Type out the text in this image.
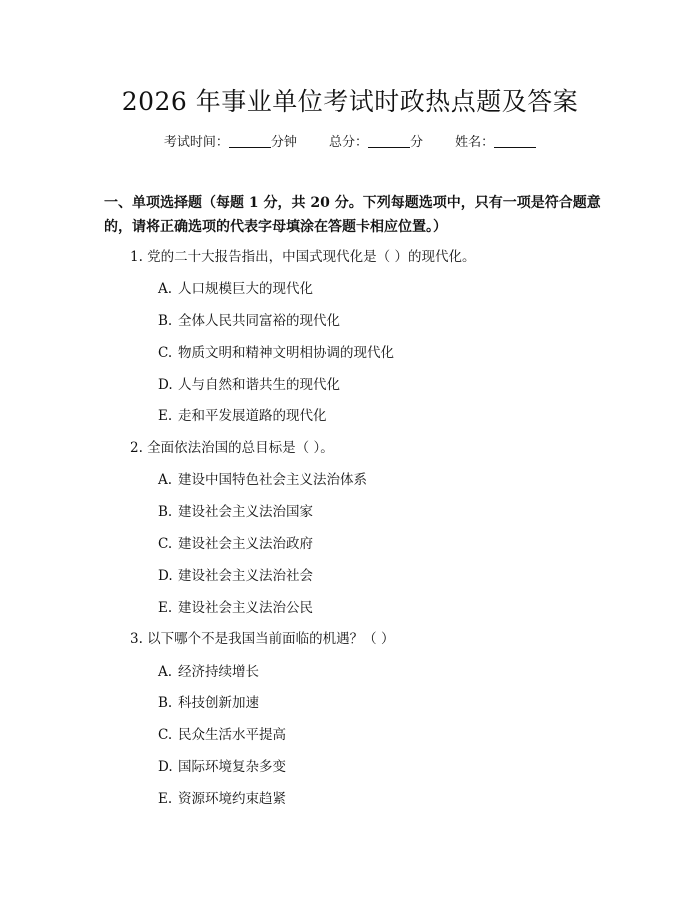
2026 年事业单位考试时政热点题及答案
考试时间：	分钟 总分：	分 姓名：
一、单项选择题（每题 1 分，共 20 分。下列每题选项中，只有一项是符合题意
的，请将正确选项的代表字母填涂在答题卡相应位置。）
1. 党的二十大报告指出，中国式现代化是（ ）的现代化。
A. 人口规模巨大的现代化
B. 全体人民共同富裕的现代化
C. 物质文明和精神文明相协调的现代化
D. 人与自然和谐共生的现代化
E. 走和平发展道路的现代化
2. 全面依法治国的总目标是（ ）。
A. 建设中国特色社会主义法治体系
B. 建设社会主义法治国家
C. 建设社会主义法治政府
D. 建设社会主义法治社会
E. 建设社会主义法治公民
3. 以下哪个不是我国当前面临的机遇？（ ）
A. 经济持续增长
B. 科技创新加速
C. 民众生活水平提高
D. 国际环境复杂多变
E. 资源环境约束趋紧
